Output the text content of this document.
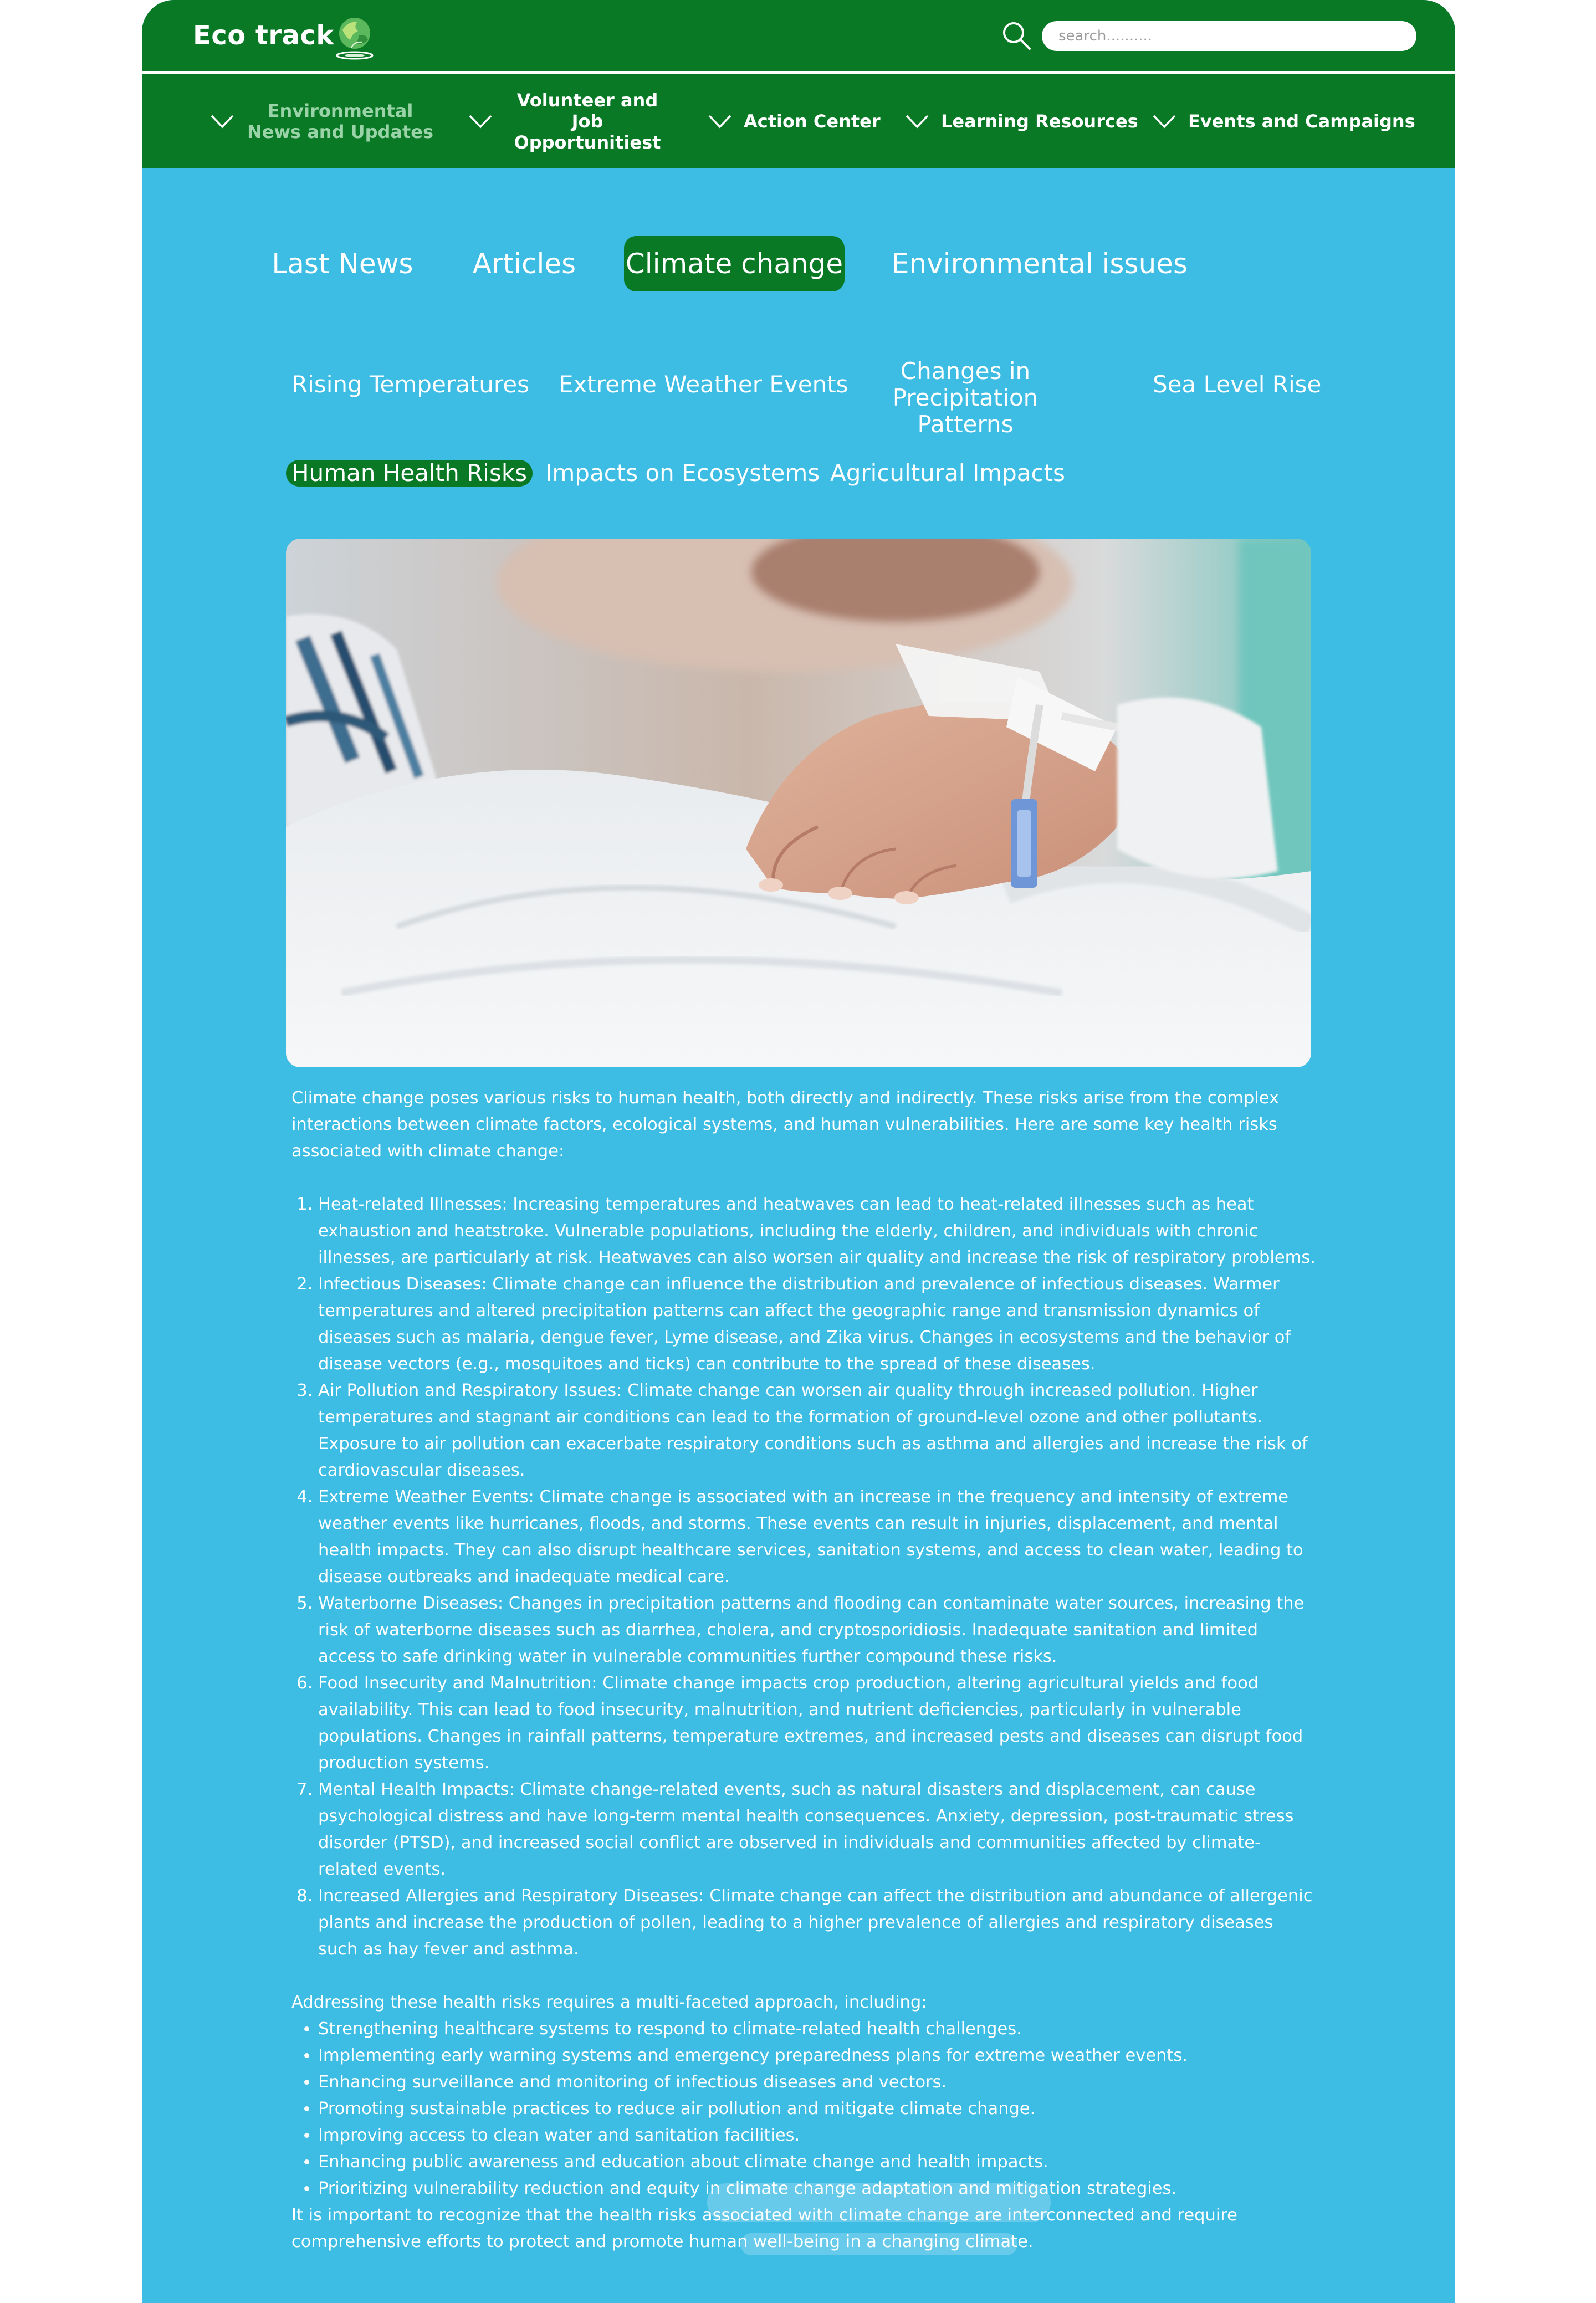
Eco track
search..........
Environmental News and Updates
Volunteer and Job Opportunitiest
Action Center	Learning Resources	Events and Campaigns
Last News	Articles	Climate change Environmental issues
Rising Temperatures Extreme Weather Events	Changes in Precipitation Patterns
Sea Level Rise
Human Health Risks Impacts on Ecosystems Agricultural Impacts

Climate change poses various risks to human health, both directly and indirectly. These risks arise from the complex interactions between climate factors, ecological systems, and human vulnerabilities. Here are some key health risks associated with climate change:

1. Heat-related Illnesses: Increasing temperatures and heatwaves can lead to heat-related illnesses such as heat exhaustion and heatstroke. Vulnerable populations, including the elderly, children, and individuals with chronic illnesses, are particularly at risk. Heatwaves can also worsen air quality and increase the risk of respiratory problems.
2. Infectious Diseases: Climate change can influence the distribution and prevalence of infectious diseases. Warmer temperatures and altered precipitation patterns can affect the geographic range and transmission dynamics of diseases such as malaria, dengue fever, Lyme disease, and Zika virus. Changes in ecosystems and the behavior of disease vectors (e.g., mosquitoes and ticks) can contribute to the spread of these diseases.
3. Air Pollution and Respiratory Issues: Climate change can worsen air quality through increased pollution. Higher temperatures and stagnant air conditions can lead to the formation of ground-level ozone and other pollutants. Exposure to air pollution can exacerbate respiratory conditions such as asthma and allergies and increase the risk of cardiovascular diseases.
4. Extreme Weather Events: Climate change is associated with an increase in the frequency and intensity of extreme weather events like hurricanes, floods, and storms. These events can result in injuries, displacement, and mental health impacts. They can also disrupt healthcare services, sanitation systems, and access to clean water, leading to disease outbreaks and inadequate medical care.
5. Waterborne Diseases: Changes in precipitation patterns and flooding can contaminate water sources, increasing the risk of waterborne diseases such as diarrhea, cholera, and cryptosporidiosis. Inadequate sanitation and limited access to safe drinking water in vulnerable communities further compound these risks.
6. Food Insecurity and Malnutrition: Climate change impacts crop production, altering agricultural yields and food availability. This can lead to food insecurity, malnutrition, and nutrient deficiencies, particularly in vulnerable populations. Changes in rainfall patterns, temperature extremes, and increased pests and diseases can disrupt food production systems.
7. Mental Health Impacts: Climate change-related events, such as natural disasters and displacement, can cause psychological distress and have long-term mental health consequences. Anxiety, depression, post-traumatic stress disorder (PTSD), and increased social conflict are observed in individuals and communities affected by climate-related events.
8. Increased Allergies and Respiratory Diseases: Climate change can affect the distribution and abundance of allergenic plants and increase the production of pollen, leading to a higher prevalence of allergies and respiratory diseases such as hay fever and asthma.

Addressing these health risks requires a multi-faceted approach, including:

• Strengthening healthcare systems to respond to climate-related health challenges.
• Implementing early warning systems and emergency preparedness plans for extreme weather events.
• Enhancing surveillance and monitoring of infectious diseases and vectors.
• Promoting sustainable practices to reduce air pollution and mitigate climate change.
• Improving access to clean water and sanitation facilities.
• Enhancing public awareness and education about climate change and health impacts.
• Prioritizing vulnerability reduction and equity in climate change adaptation and mitigation strategies.

It is important to recognize that the health risks associated with climate change are interconnected and require comprehensive efforts to protect and promote human well-being in a changing climate.
